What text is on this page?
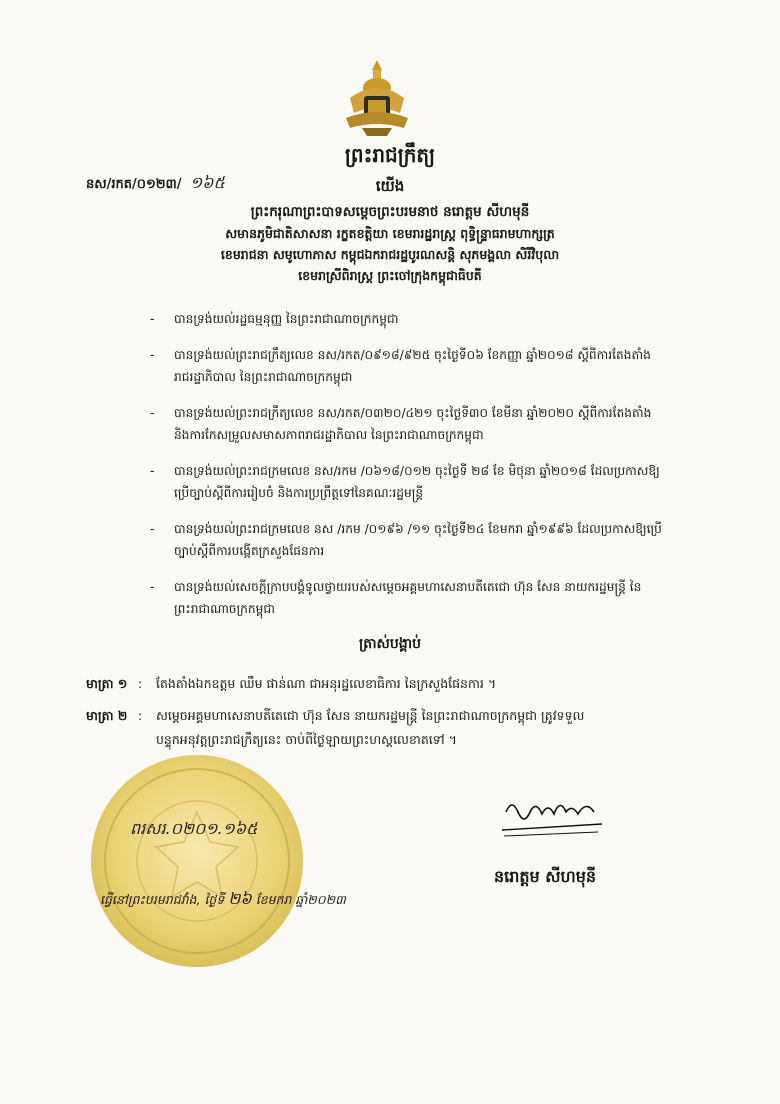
ព្រះរាជក្រឹត្យ
នស/រកត/០១២៣/ ១៦៥	យើង
ព្រះករុណាព្រះបាទសម្តេចព្រះបរមនាថ នរោត្តម សីហមុនី
សមានភូមិជាតិសាសនា រក្ខតខត្តិយា ខេមរារដ្ឋរាស្ត្រ ពុទ្ធិន្ទ្រាធរាមហាក្សត្រ
ខេមរាជនា សមូហោភាស កម្ពុជឯករាជរដ្ឋបូរណសន្តិ សុភមង្គលា សិរីវិបុលា
ខេមរាស្រីពិរាស្ត្រ ព្រះចៅក្រុងកម្ពុជាធិបតី
- បានទ្រង់យល់រដ្ឋធម្មនុញ្ញ នៃព្រះរាជាណាចក្រកម្ពុជា
- បានទ្រង់យល់ព្រះរាជក្រឹត្យលេខ នស/រកត/០៩១៨/៩២៥ ចុះថ្ងៃទី០៦ ខែកញ្ញា ឆ្នាំ២០១៨ ស្តីពីការតែងតាំងរាជរដ្ឋាភិបាល នៃព្រះរាជាណាចក្រកម្ពុជា
- បានទ្រង់យល់ព្រះរាជក្រឹត្យលេខ នស/រកត/០៣២០/៤២១ ចុះថ្ងៃទី៣០ ខែមីនា ឆ្នាំ២០២០ ស្តីពីការតែងតាំង និងការកែសម្រួលសមាសភាពរាជរដ្ឋាភិបាល នៃព្រះរាជាណាចក្រកម្ពុជា
- បានទ្រង់យល់ព្រះរាជក្រមលេខ នស/រកម /០៦១៨/០១២ ចុះថ្ងៃទី ២៨ ខែ មិថុនា ឆ្នាំ២០១៨ ដែលប្រកាសឱ្យប្រើច្បាប់ស្តីពីការរៀបចំ និងការប្រព្រឹត្តទៅនៃគណៈរដ្ឋមន្ត្រី
- បានទ្រង់យល់ព្រះរាជក្រមលេខ នស /រកម /០១៩៦ /១១ ចុះថ្ងៃទី២៤ ខែមករា ឆ្នាំ១៩៩៦ ដែលប្រកាសឱ្យប្រើច្បាប់ស្តីពីការបង្កើតក្រសួងផែនការ
- បានទ្រង់យល់សេចក្តីក្រាបបង្គំទូលថ្វាយរបស់សម្តេចអគ្គមហាសេនាបតីតេជោ ហ៊ុន សែន នាយករដ្ឋមន្ត្រី នៃព្រះរាជាណាចក្រកម្ពុជា
ត្រាស់បង្គាប់
មាត្រា ១ : តែងតាំងឯកឧត្តម ឈឹម ផាន់ណា ជាអនុរដ្ឋលេខាធិការ នៃក្រសួងផែនការ ។
មាត្រា ២ : សម្តេចអគ្គមហាសេនាបតីតេជោ ហ៊ុន សែន នាយករដ្ឋមន្ត្រី នៃព្រះរាជាណាចក្រកម្ពុជា ត្រូវទទួល
បន្ទុកអនុវត្តព្រះរាជក្រឹត្យនេះ ចាប់ពីថ្ងៃឡាយព្រះហស្តលេខាតទៅ ។
ពរសរ.០២០១.១៦៥
ធ្វើនៅព្រះបរមរាជវាំង, ថ្ងៃទី ២៦ ខែមករា ឆ្នាំ២០២៣
នរោត្តម សីហមុនី
